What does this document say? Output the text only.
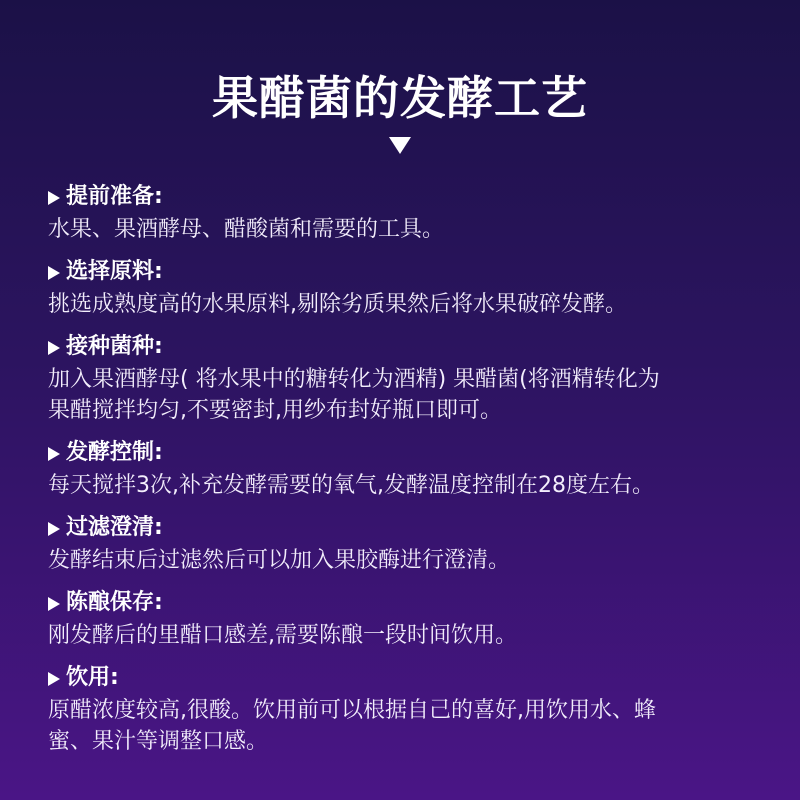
果醋菌的发酵工艺
提前准备:
水果、果酒酵母、醋酸菌和需要的工具。
选择原料:
挑选成熟度高的水果原料,剔除劣质果然后将水果破碎发酵。
接种菌种:
加入果酒酵母( 将水果中的糖转化为酒精) 果醋菌(将酒精转化为
果醋搅拌均匀,不要密封,用纱布封好瓶口即可。
发酵控制:
每天搅拌3次,补充发酵需要的氧气,发酵温度控制在28度左右。
过滤澄清:
发酵结束后过滤然后可以加入果胶酶进行澄清。
陈酿保存:
刚发酵后的里醋口感差,需要陈酿一段时间饮用。
饮用:
原醋浓度较高,很酸。饮用前可以根据自己的喜好,用饮用水、蜂
蜜、果汁等调整口感。
